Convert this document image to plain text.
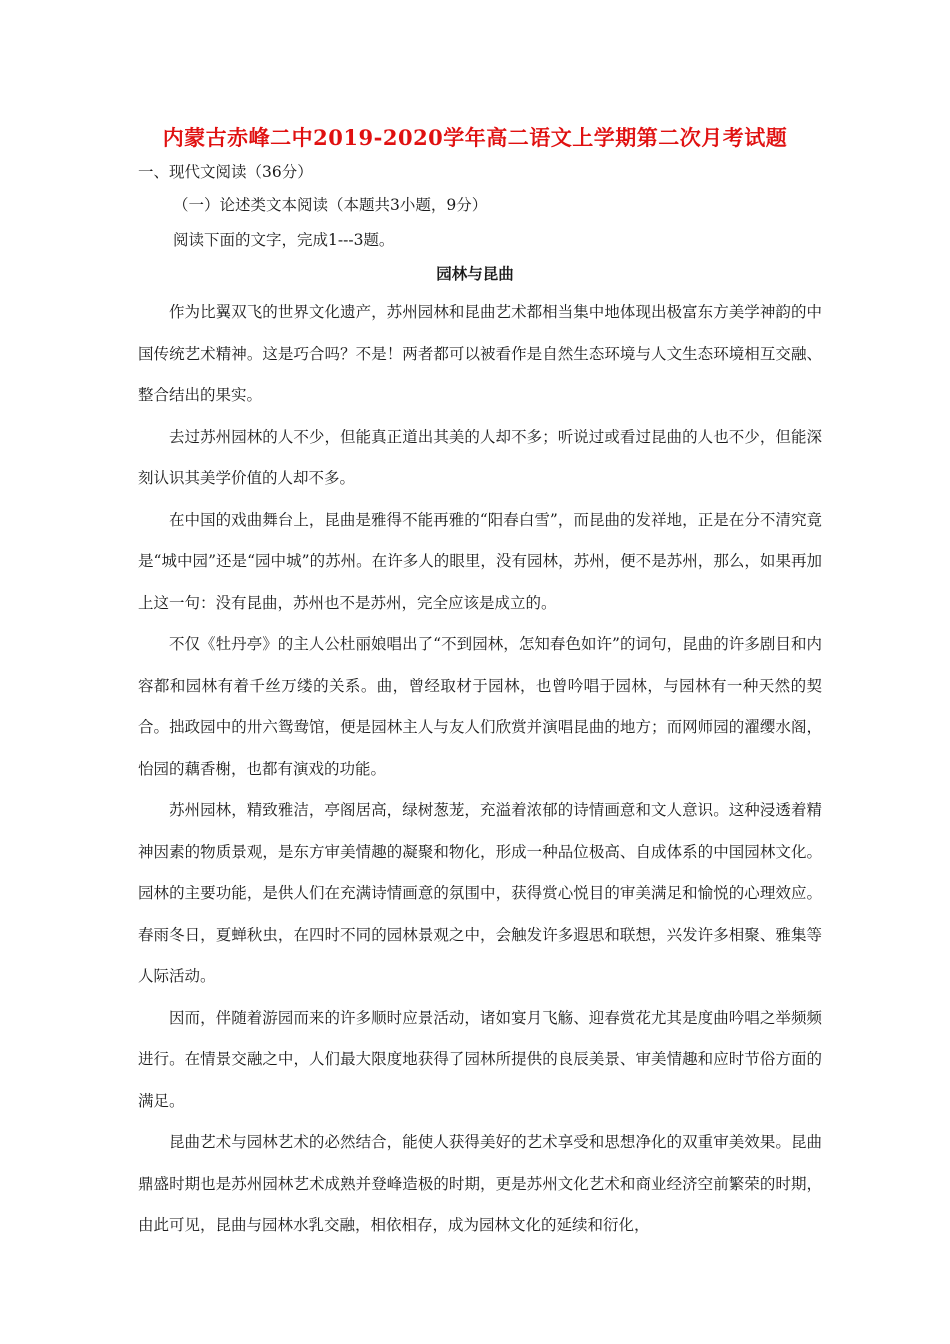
内蒙古赤峰二中2019-2020学年高二语文上学期第二次月考试题
一、现代文阅读（36分）
（一）论述类文本阅读（本题共3小题，9分）
阅读下面的文字，完成1---3题。
园林与昆曲

作为比翼双飞的世界文化遗产，苏州园林和昆曲艺术都相当集中地体现出极富东方美学神韵的中国传统艺术精神。这是巧合吗？不是！两者都可以被看作是自然生态环境与人文生态环境相互交融、整合结出的果实。

去过苏州园林的人不少，但能真正道出其美的人却不多；听说过或看过昆曲的人也不少，但能深刻认识其美学价值的人却不多。

在中国的戏曲舞台上，昆曲是雅得不能再雅的“阳春白雪”，而昆曲的发祥地，正是在分不清究竟是“城中园”还是“园中城”的苏州。在许多人的眼里，没有园林，苏州，便不是苏州，那么，如果再加上这一句：没有昆曲，苏州也不是苏州，完全应该是成立的。

不仅《牡丹亭》的主人公杜丽娘唱出了“不到园林，怎知春色如许”的词句，昆曲的许多剧目和内容都和园林有着千丝万缕的关系。曲，曾经取材于园林，也曾吟唱于园林，与园林有一种天然的契合。拙政园中的卅六鸳鸯馆，便是园林主人与友人们欣赏并演唱昆曲的地方；而网师园的濯缨水阁，怡园的藕香榭，也都有演戏的功能。

苏州园林，精致雅洁，亭阁居高，绿树葱茏，充溢着浓郁的诗情画意和文人意识。这种浸透着精神因素的物质景观，是东方审美情趣的凝聚和物化，形成一种品位极高、自成体系的中国园林文化。园林的主要功能，是供人们在充满诗情画意的氛围中，获得赏心悦目的审美满足和愉悦的心理效应。春雨冬日，夏蝉秋虫，在四时不同的园林景观之中，会触发许多遐思和联想，兴发许多相聚、雅集等人际活动。

因而，伴随着游园而来的许多顺时应景活动，诸如宴月飞觞、迎春赏花尤其是度曲吟唱之举频频进行。在情景交融之中，人们最大限度地获得了园林所提供的良辰美景、审美情趣和应时节俗方面的满足。

昆曲艺术与园林艺术的必然结合，能使人获得美好的艺术享受和思想净化的双重审美效果。昆曲鼎盛时期也是苏州园林艺术成熟并登峰造极的时期，更是苏州文化艺术和商业经济空前繁荣的时期，由此可见，昆曲与园林水乳交融，相依相存，成为园林文化的延续和衍化，
